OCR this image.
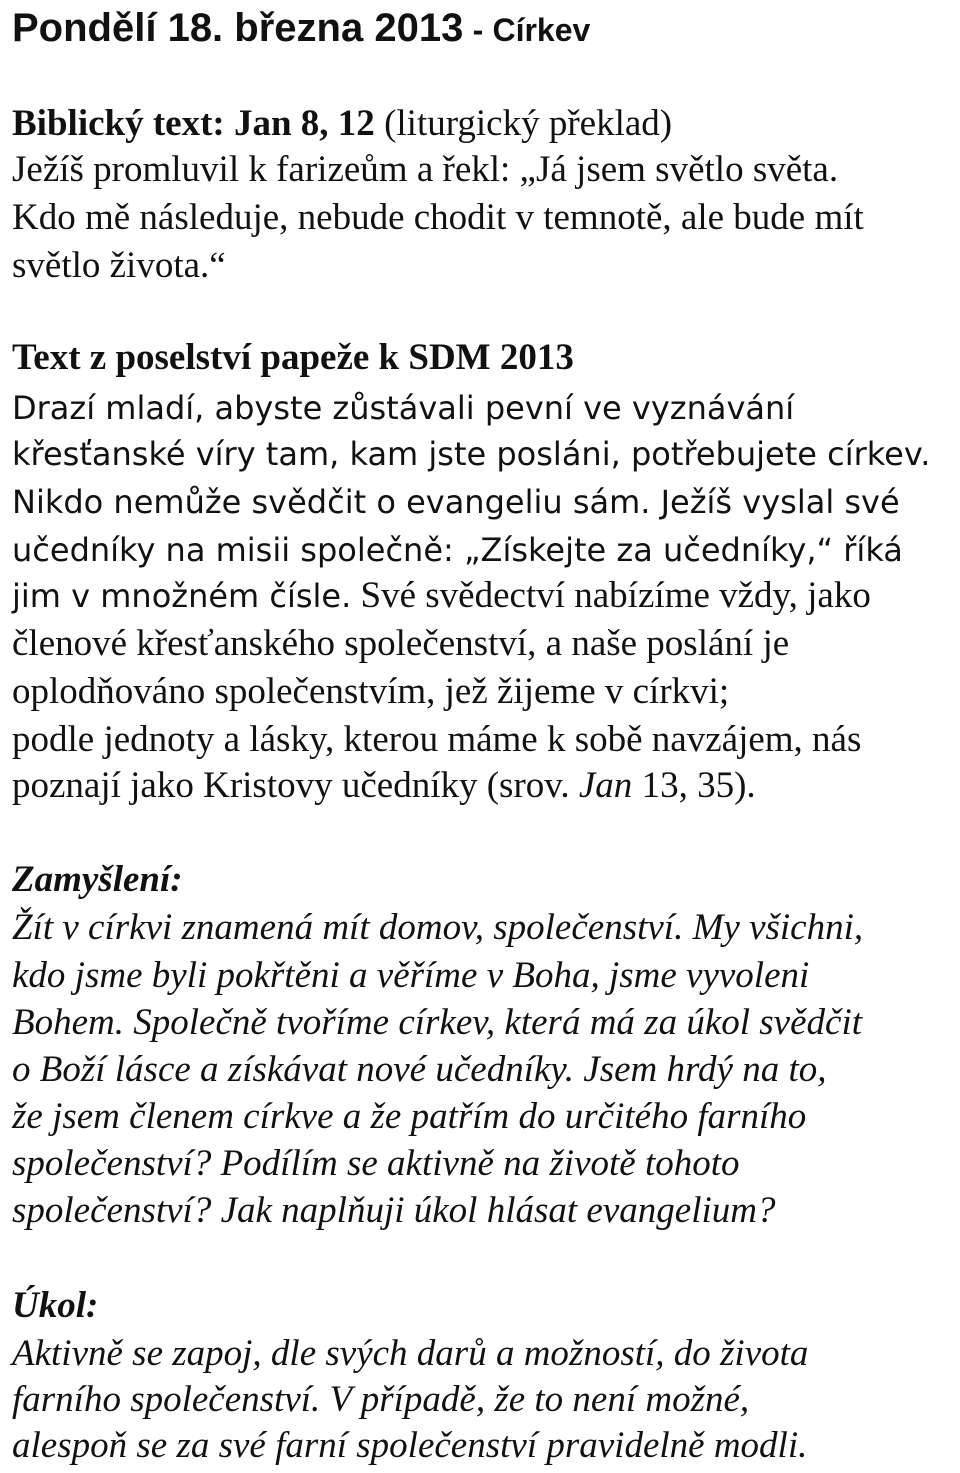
Pondělí 18. března 2013 - Církev
Biblický text: Jan 8, 12 (liturgický překlad)
Ježíš promluvil k farizeům a řekl: „Já jsem světlo světa.
Kdo mě následuje, nebude chodit v temnotě, ale bude mít
světlo života.“
Text z poselství papeže k SDM 2013
Drazí mladí, abyste zůstávali pevní ve vyznávání
křesťanské víry tam, kam jste posláni, potřebujete církev.
Nikdo nemůže svědčit o evangeliu sám. Ježíš vyslal své
učedníky na misii společně: „Získejte za učedníky,“ říká
jim v množném čísle. Své svědectví nabízíme vždy, jako
členové křesťanského společenství, a naše poslání je
oplodňováno společenstvím, jež žijeme v církvi;
podle jednoty a lásky, kterou máme k sobě navzájem, nás
poznají jako Kristovy učedníky (srov. Jan 13, 35).
Zamyšlení:
Žít v církvi znamená mít domov, společenství. My všichni,
kdo jsme byli pokřtěni a věříme v Boha, jsme vyvoleni
Bohem. Společně tvoříme církev, která má za úkol svědčit
o Boží lásce a získávat nové učedníky. Jsem hrdý na to,
že jsem členem církve a že patřím do určitého farního
společenství? Podílím se aktivně na životě tohoto
společenství? Jak naplňuji úkol hlásat evangelium?
Úkol:
Aktivně se zapoj, dle svých darů a možností, do života
farního společenství. V případě, že to není možné,
alespoň se za své farní společenství pravidelně modli.
